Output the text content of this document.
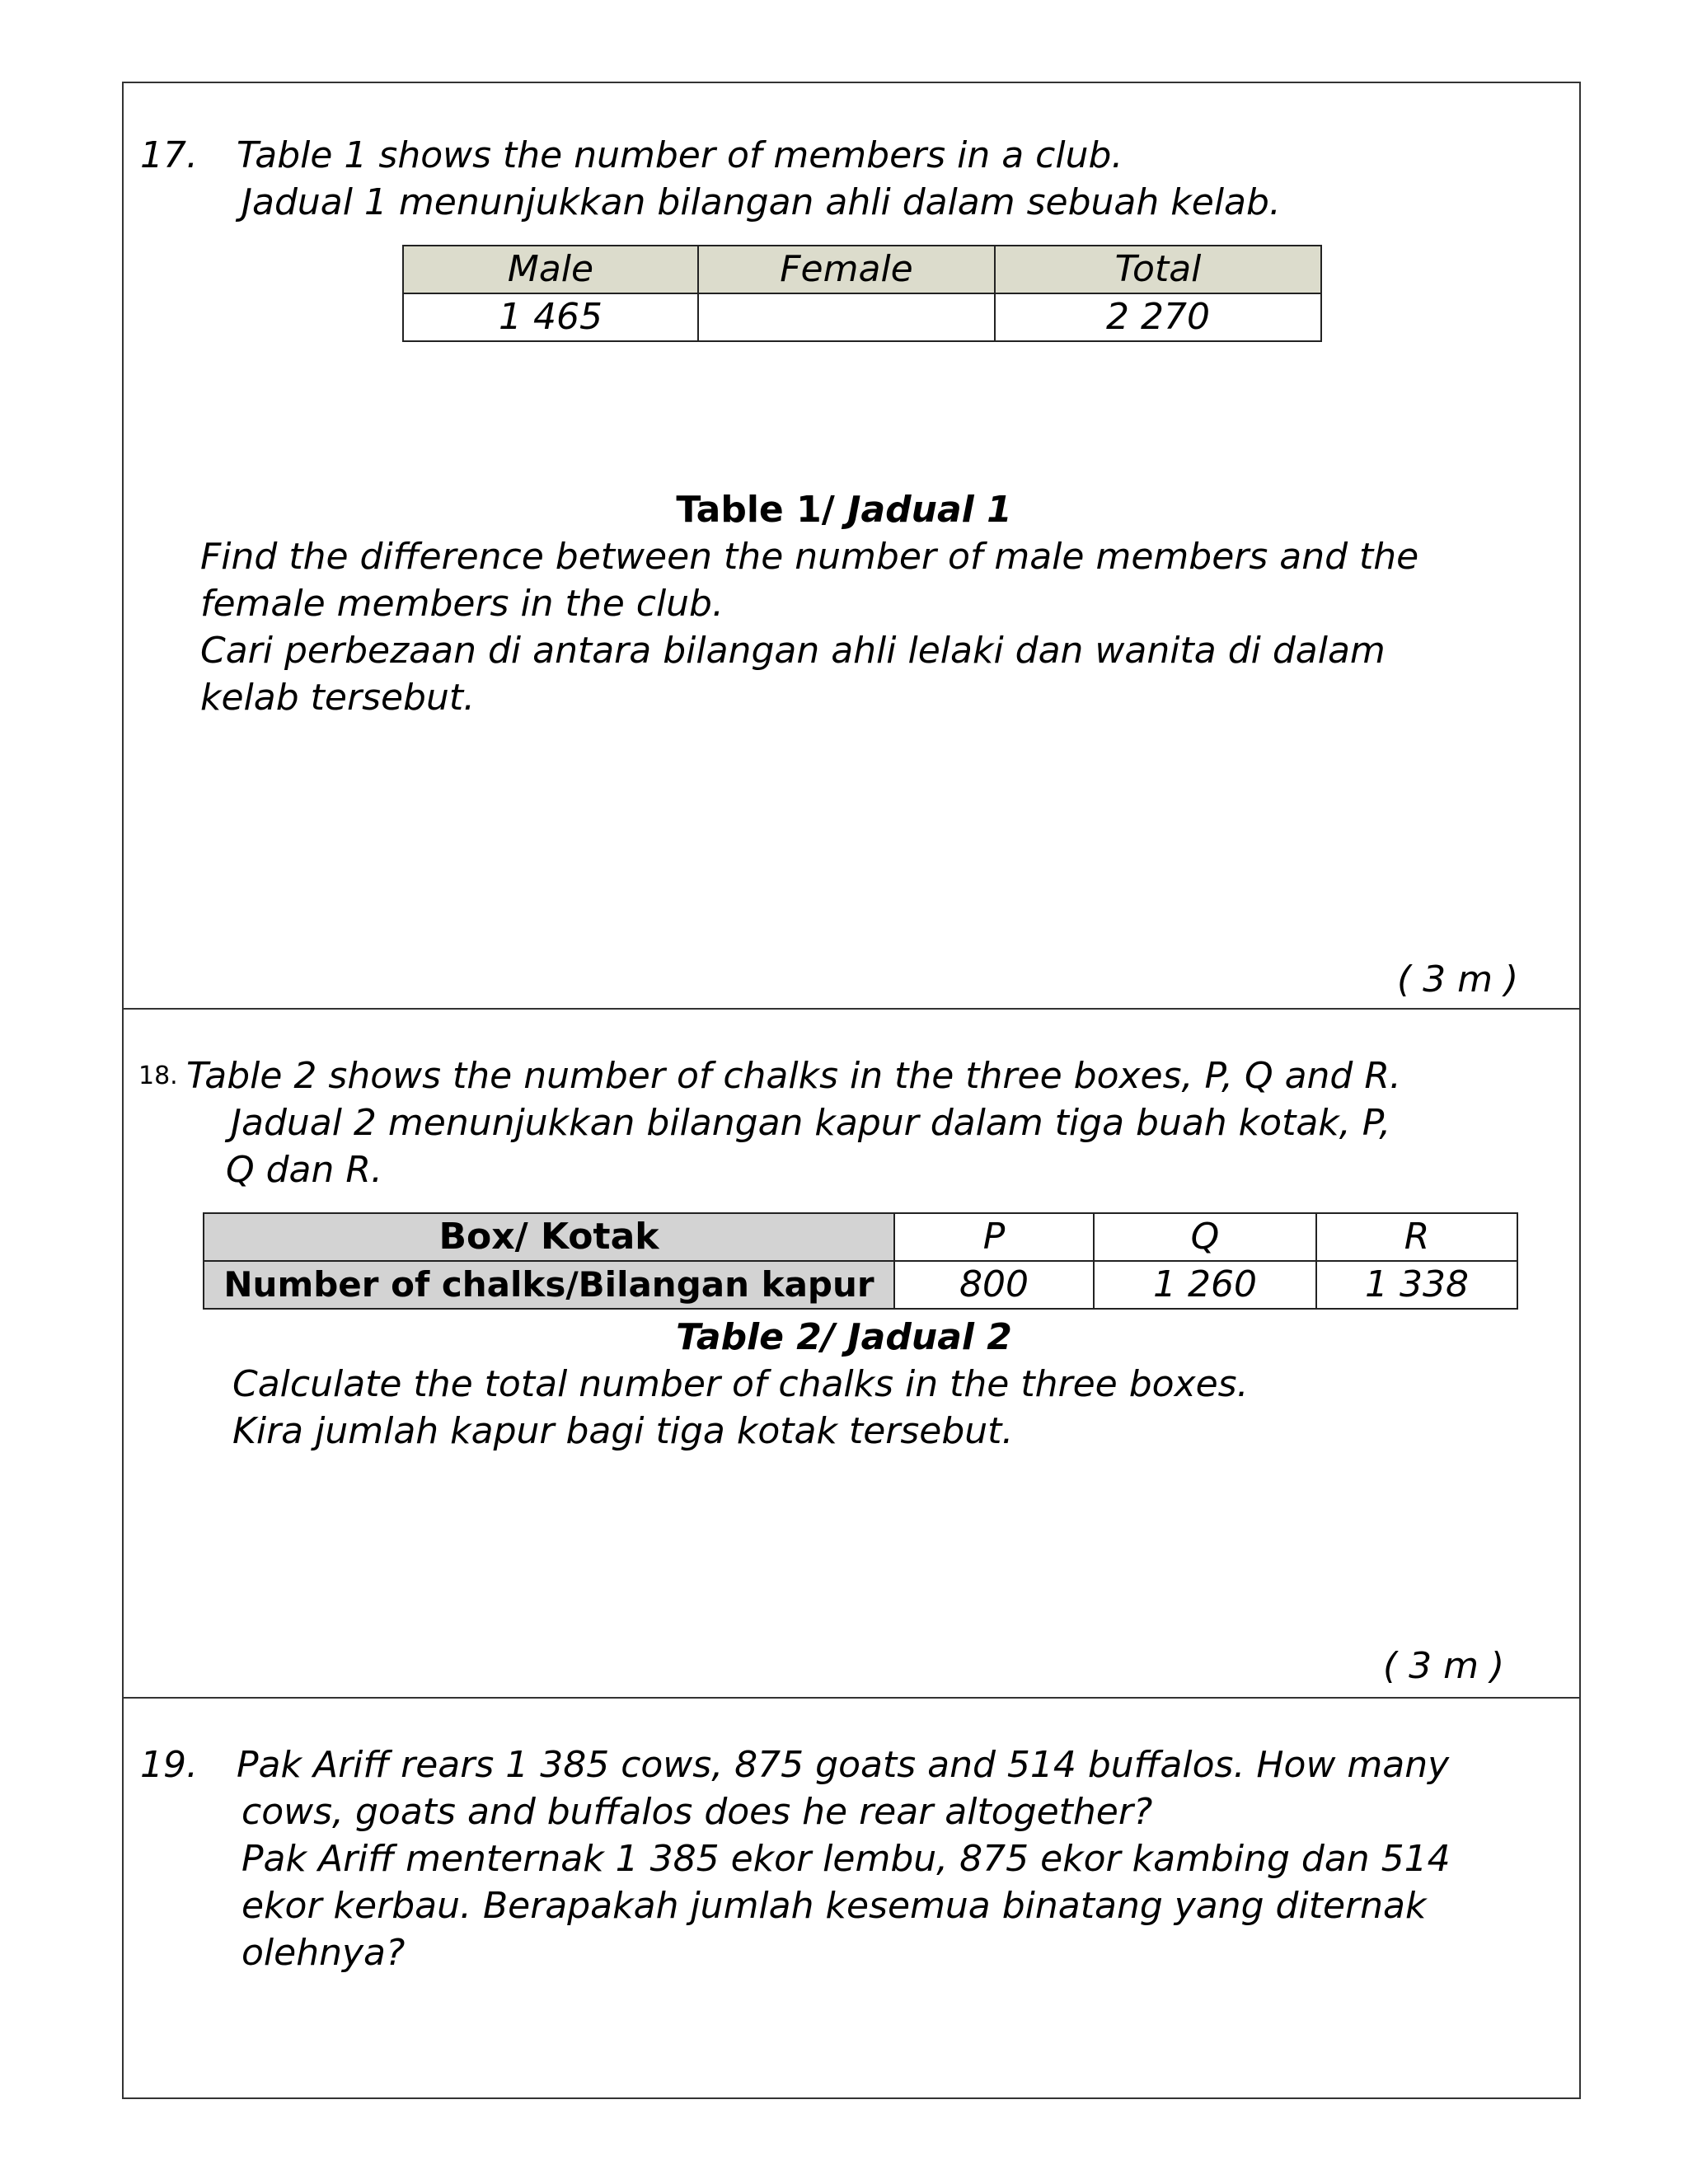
17. Table 1 shows the number of members in a club.
Jadual 1 menunjukkan bilangan ahli dalam sebuah kelab.
Male	Female	Total
1 465		2 270
Table 1/ Jadual 1
Find the difference between the number of male members and the
female members in the club.
Cari perbezaan di antara bilangan ahli lelaki dan wanita di dalam
kelab tersebut.
( 3 m )
18. Table 2 shows the number of chalks in the three boxes, P, Q and R.
Jadual 2 menunjukkan bilangan kapur dalam tiga buah kotak, P,
Q dan R.
Box/ Kotak	P	Q	R
Number of chalks/Bilangan kapur	800	1 260	1 338
Table 2/ Jadual 2
Calculate the total number of chalks in the three boxes.
Kira jumlah kapur bagi tiga kotak tersebut.
( 3 m )
19. Pak Ariff rears 1 385 cows, 875 goats and 514 buffalos. How many
cows, goats and buffalos does he rear altogether?
Pak Ariff menternak 1 385 ekor lembu, 875 ekor kambing dan 514
ekor kerbau. Berapakah jumlah kesemua binatang yang diternak
olehnya?
